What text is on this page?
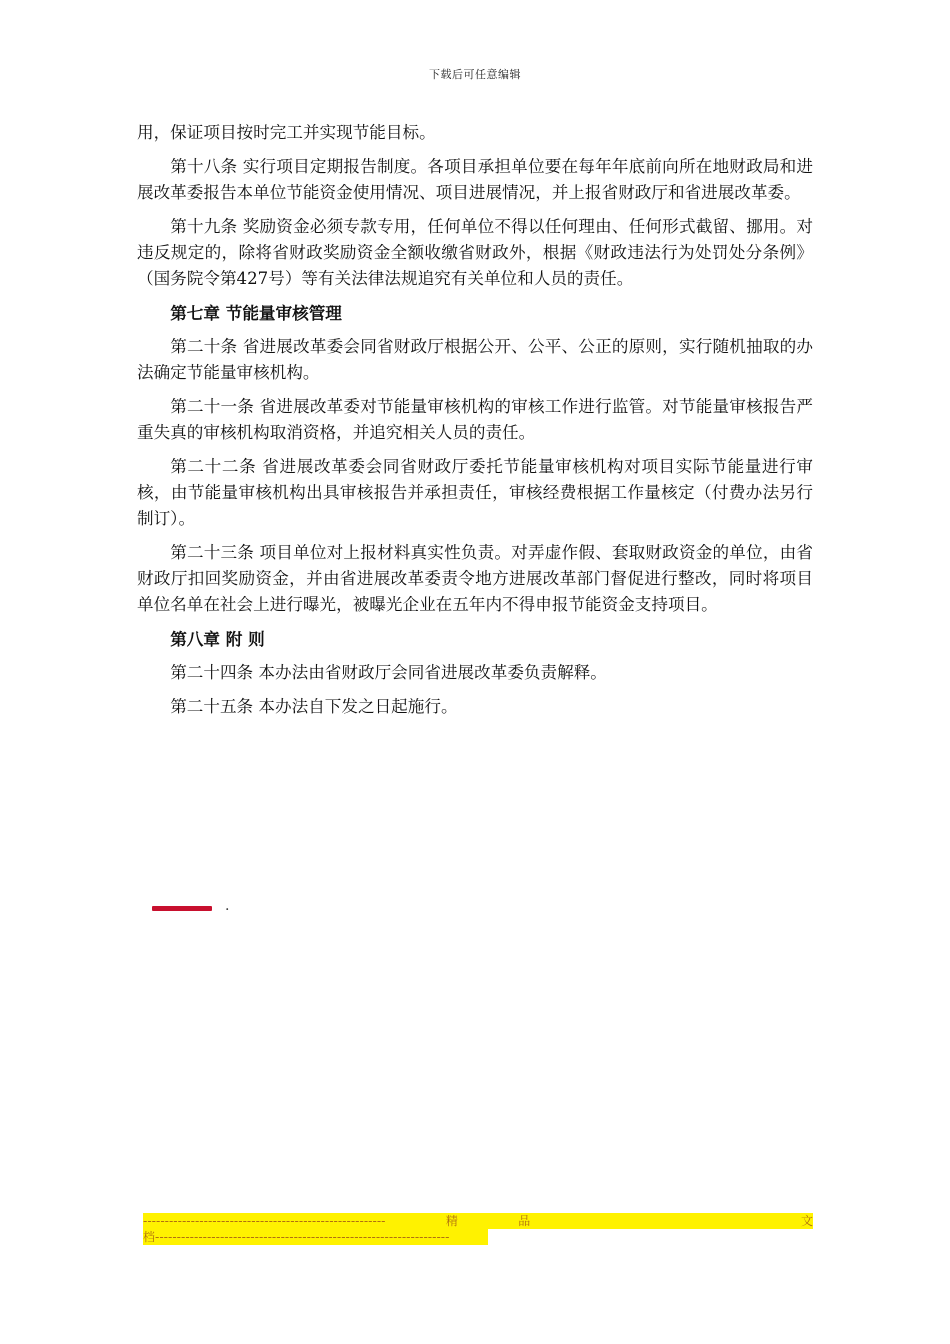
下载后可任意编辑

用，保证项目按时完工并实现节能目标。

第十八条 实行项目定期报告制度。各项目承担单位要在每年年底前向所在地财政局和进展改革委报告本单位节能资金使用情况、项目进展情况，并上报省财政厅和省进展改革委。

第十九条 奖励资金必须专款专用，任何单位不得以任何理由、任何形式截留、挪用。对违反规定的，除将省财政奖励资金全额收缴省财政外，根据《财政违法行为处罚处分条例》（国务院令第427号）等有关法律法规追究有关单位和人员的责任。

第七章 节能量审核管理

第二十条 省进展改革委会同省财政厅根据公开、公平、公正的原则，实行随机抽取的办法确定节能量审核机构。

第二十一条 省进展改革委对节能量审核机构的审核工作进行监管。对节能量审核报告严重失真的审核机构取消资格，并追究相关人员的责任。

第二十二条 省进展改革委会同省财政厅委托节能量审核机构对项目实际节能量进行审核，由节能量审核机构出具审核报告并承担责任，审核经费根据工作量核定（付费办法另行制订）。

第二十三条 项目单位对上报材料真实性负责。对弄虚作假、套取财政资金的单位，由省财政厅扣回奖励资金，并由省进展改革委责令地方进展改革部门督促进行整改，同时将项目单位名单在社会上进行曝光，被曝光企业在五年内不得申报节能资金支持项目。

第八章 附 则

第二十四条 本办法由省财政厅会同省进展改革委负责解释。

第二十五条 本办法自下发之日起施行。

.
--------------------------------------------------------	精	品	文
档 --------------------------------------------------------------------
